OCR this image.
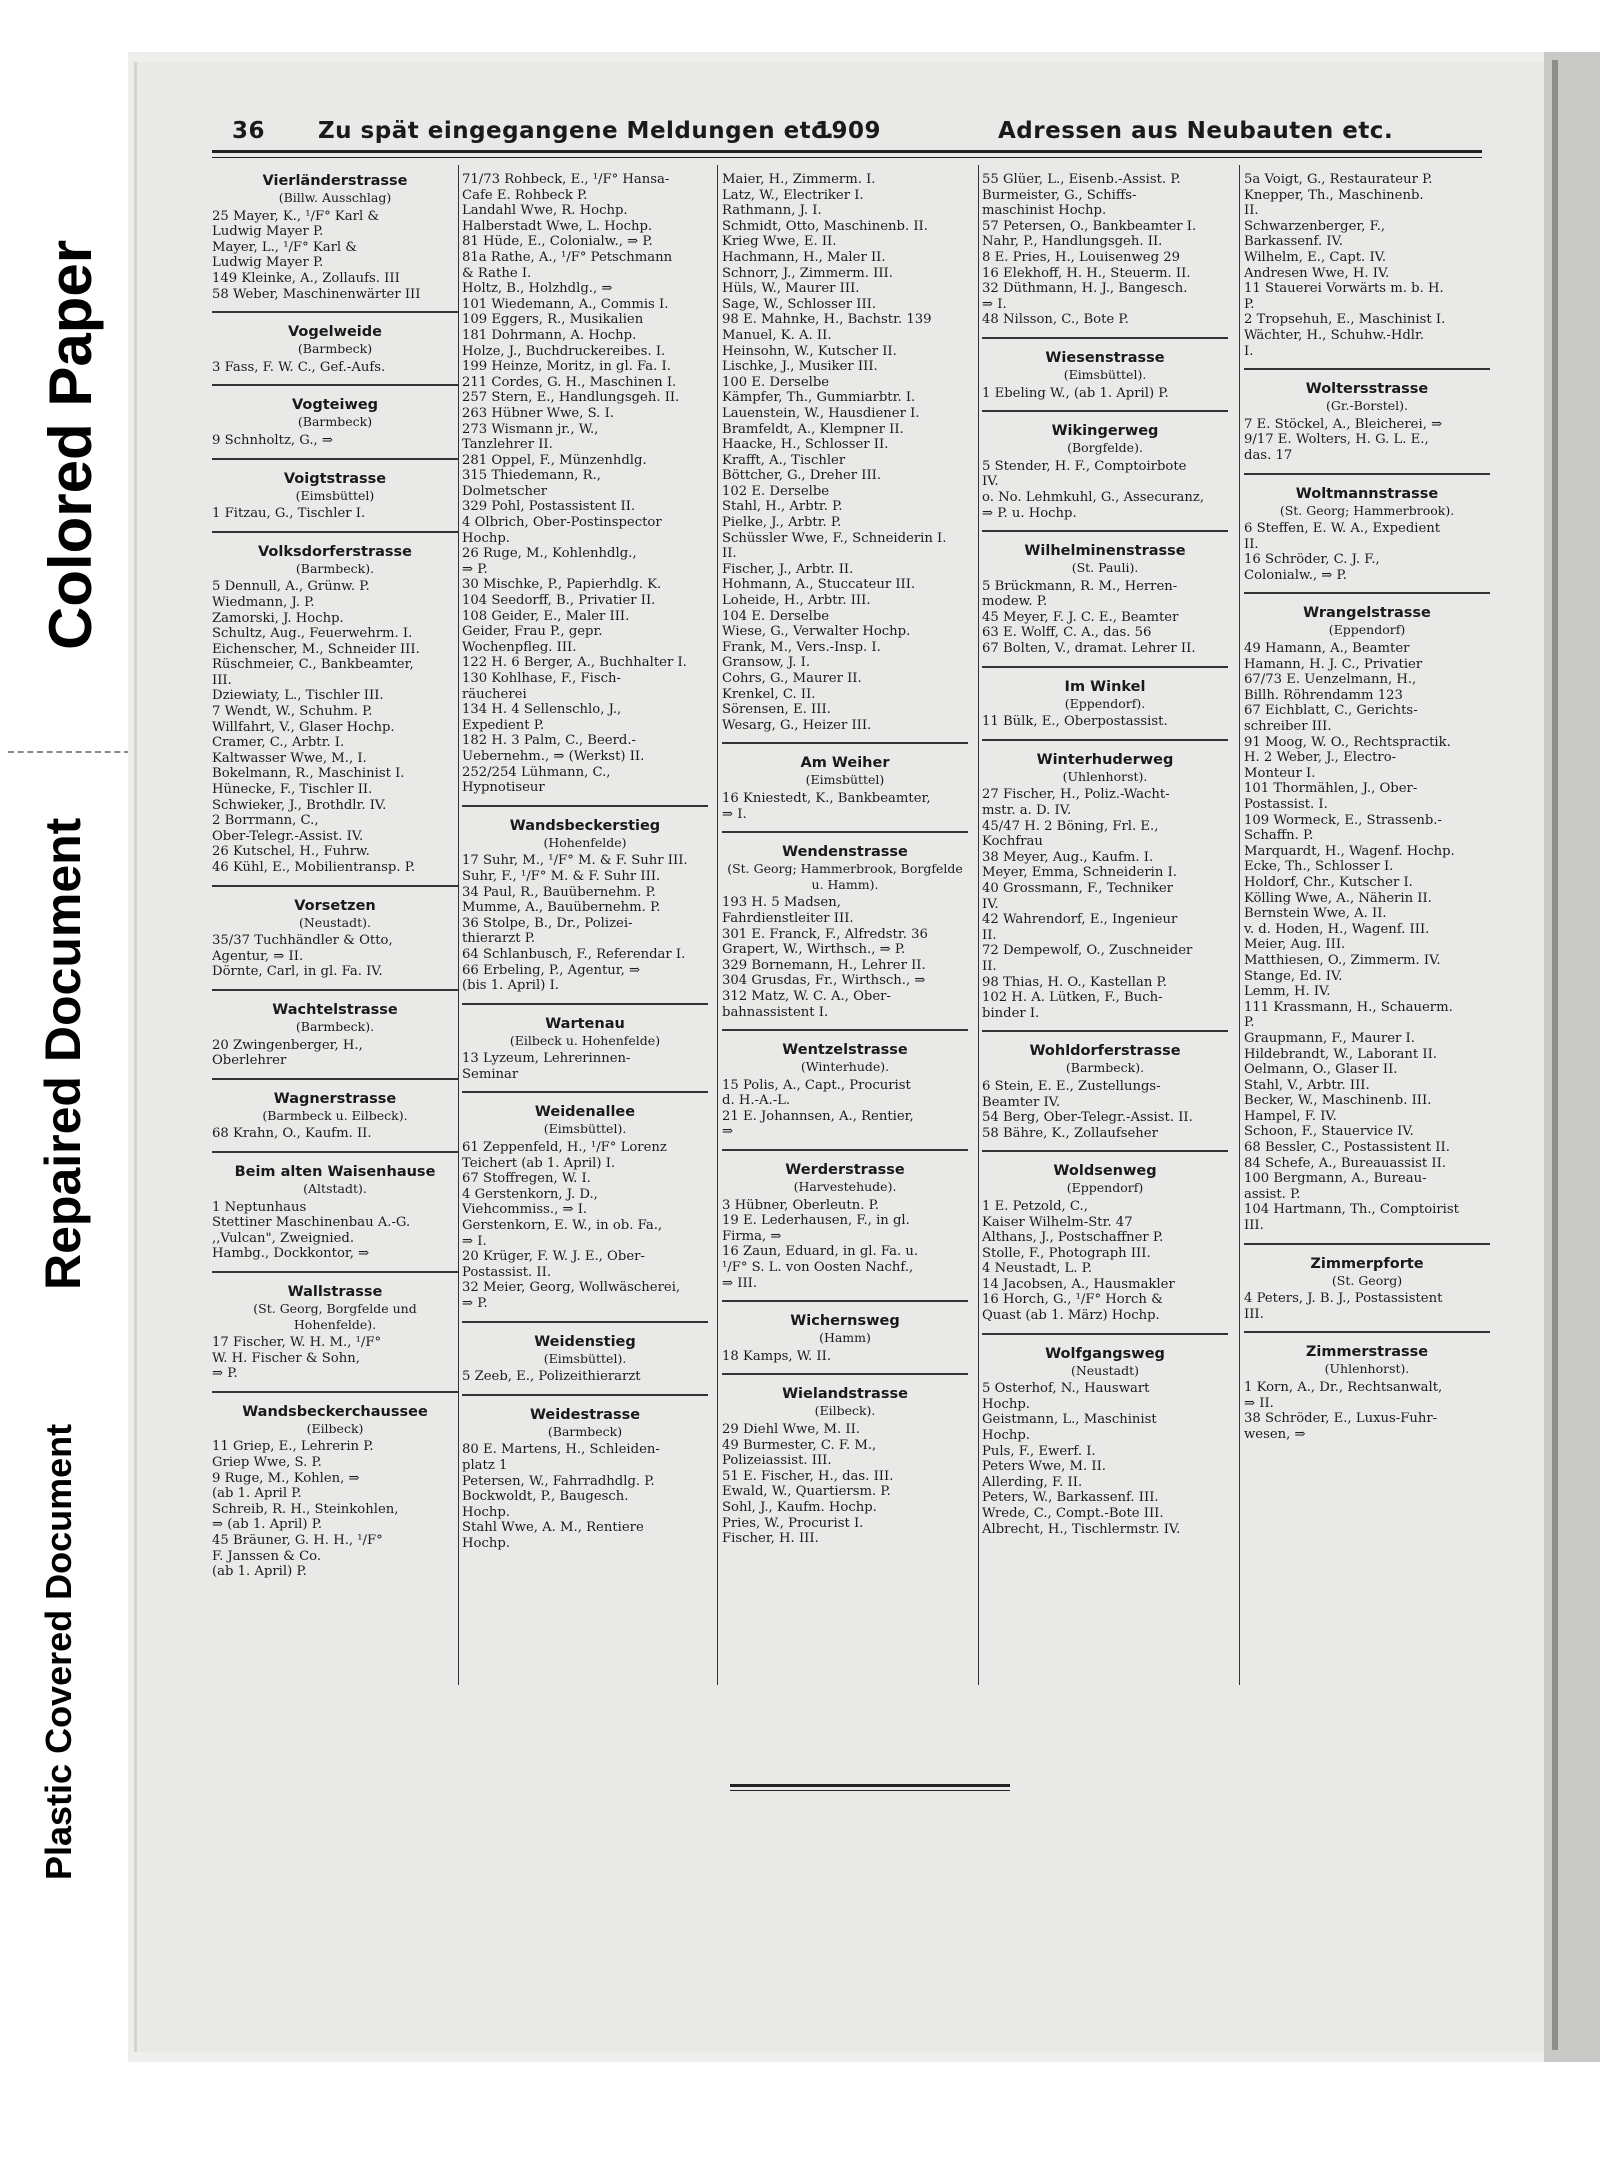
Colored Paper
Repaired Document
Plastic Covered Document
36 Zu spät eingegangene Meldungen etc.
1909	Adressen aus Neubauten etc.
Vierländerstrasse
(Billw. Ausschlag)
25 Mayer, K., ¹/F° Karl &
Ludwig Mayer P.
Mayer, L., ¹/F° Karl &
Ludwig Mayer P.
149 Kleinke, A., Zollaufs. III
58 Weber, Maschinenwärter III
Vogelweide
(Barmbeck)
3 Fass, F. W. C., Gef.-Aufs.
Vogteiweg
(Barmbeck)
9 Schnholtz, G., ⇒
Voigtstrasse
(Eimsbüttel)
1 Fitzau, G., Tischler I.
Volksdorferstrasse
(Barmbeck).
5 Dennull, A., Grünw. P.
Wiedmann, J. P.
Zamorski, J. Hochp.
Schultz, Aug., Feuerwehrm. I.
Eichenscher, M., Schneider III.
Rüschmeier, C., Bankbeamter,
III.
Dziewiaty, L., Tischler III.
7 Wendt, W., Schuhm. P.
Willfahrt, V., Glaser Hochp.
Cramer, C., Arbtr. I.
Kaltwasser Wwe, M., I.
Bokelmann, R., Maschinist I.
Hünecke, F., Tischler II.
Schwieker, J., Brothdlr. IV.
2 Borrmann, C.,
Ober-Telegr.-Assist. IV.
26 Kutschel, H., Fuhrw.
46 Kühl, E., Mobilientransp. P.
Vorsetzen
(Neustadt).
35/37 Tuchhändler & Otto,
Agentur, ⇒ II.
Dörnte, Carl, in gl. Fa. IV.
Wachtelstrasse
(Barmbeck).
20 Zwingenberger, H.,
Oberlehrer
Wagnerstrasse
(Barmbeck u. Eilbeck).
68 Krahn, O., Kaufm. II.
Beim alten Waisenhause
(Altstadt).
1 Neptunhaus
Stettiner Maschinenbau A.-G.
,,Vulcan", Zweignied.
Hambg., Dockkontor, ⇒
Wallstrasse
(St. Georg, Borgfelde und Hohenfelde).
17 Fischer, W. H. M., ¹/F°
W. H. Fischer & Sohn,
⇒ P.
Wandsbeckerchaussee
(Eilbeck)
11 Griep, E., Lehrerin P.
Griep Wwe, S. P.
9 Ruge, M., Kohlen, ⇒
(ab 1. April P.
Schreib, R. H., Steinkohlen,
⇒ (ab 1. April) P.
45 Bräuner, G. H. H., ¹/F°
F. Janssen & Co.
(ab 1. April) P.
71/73 Rohbeck, E., ¹/F° Hansa-
Cafe E. Rohbeck P.
Landahl Wwe, R. Hochp.
Halberstadt Wwe, L. Hochp.
81 Hüde, E., Colonialw., ⇒ P.
81a Rathe, A., ¹/F° Petschmann
& Rathe I.
Holtz, B., Holzhdlg., ⇒
101 Wiedemann, A., Commis I.
109 Eggers, R., Musikalien
181 Dohrmann, A. Hochp.
Holze, J., Buchdruckereibes. I.
199 Heinze, Moritz, in gl. Fa. I.
211 Cordes, G. H., Maschinen I.
257 Stern, E., Handlungsgeh. II.
263 Hübner Wwe, S. I.
273 Wismann jr., W.,
Tanzlehrer II.
281 Oppel, F., Münzenhdlg.
315 Thiedemann, R.,
Dolmetscher
329 Pohl, Postassistent II.
4 Olbrich, Ober-Postinspector
Hochp.
26 Ruge, M., Kohlenhdlg.,
⇒ P.
30 Mischke, P., Papierhdlg. K.
104 Seedorff, B., Privatier II.
108 Geider, E., Maler III.
Geider, Frau P., gepr.
Wochenpfleg. III.
122 H. 6 Berger, A., Buchhalter I.
130 Kohlhase, F., Fisch-
räucherei
134 H. 4 Sellenschlo, J.,
Expedient P.
182 H. 3 Palm, C., Beerd.-
Uebernehm., ⇒ (Werkst) II.
252/254 Lühmann, C.,
Hypnotiseur
Wandsbeckerstieg
(Hohenfelde)
17 Suhr, M., ¹/F° M. & F. Suhr III.
Suhr, F., ¹/F° M. & F. Suhr III.
34 Paul, R., Bauübernehm. P.
Mumme, A., Bauübernehm. P.
36 Stolpe, B., Dr., Polizei-
thierarzt P.
64 Schlanbusch, F., Referendar I.
66 Erbeling, P., Agentur, ⇒
(bis 1. April) I.
Wartenau
(Eilbeck u. Hohenfelde)
13 Lyzeum, Lehrerinnen-
Seminar
Weidenallee
(Eimsbüttel).
61 Zeppenfeld, H., ¹/F° Lorenz
Teichert (ab 1. April) I.
67 Stoffregen, W. I.
4 Gerstenkorn, J. D.,
Viehcommiss., ⇒ I.
Gerstenkorn, E. W., in ob. Fa.,
⇒ I.
20 Krüger, F. W. J. E., Ober-
Postassist. II.
32 Meier, Georg, Wollwäscherei,
⇒ P.
Weidenstieg
(Eimsbüttel).
5 Zeeb, E., Polizeithierarzt
Weidestrasse
(Barmbeck)
80 E. Martens, H., Schleiden-
platz 1
Petersen, W., Fahrradhdlg. P.
Bockwoldt, P., Baugesch.
Hochp.
Stahl Wwe, A. M., Rentiere
Hochp.
Maier, H., Zimmerm. I.
Latz, W., Electriker I.
Rathmann, J. I.
Schmidt, Otto, Maschinenb. II.
Krieg Wwe, E. II.
Hachmann, H., Maler II.
Schnorr, J., Zimmerm. III.
Hüls, W., Maurer III.
Sage, W., Schlosser III.
98 E. Mahnke, H., Bachstr. 139
Manuel, K. A. II.
Heinsohn, W., Kutscher II.
Lischke, J., Musiker III.
100 E. Derselbe
Kämpfer, Th., Gummiarbtr. I.
Lauenstein, W., Hausdiener I.
Bramfeldt, A., Klempner II.
Haacke, H., Schlosser II.
Krafft, A., Tischler
Böttcher, G., Dreher III.
102 E. Derselbe
Stahl, H., Arbtr. P.
Pielke, J., Arbtr. P.
Schüssler Wwe, F., Schneiderin I.
II.
Fischer, J., Arbtr. II.
Hohmann, A., Stuccateur III.
Loheide, H., Arbtr. III.
104 E. Derselbe
Wiese, G., Verwalter Hochp.
Frank, M., Vers.-Insp. I.
Gransow, J. I.
Cohrs, G., Maurer II.
Krenkel, C. II.
Sörensen, E. III.
Wesarg, G., Heizer III.
Am Weiher
(Eimsbüttel)
16 Kniestedt, K., Bankbeamter,
⇒ I.
Wendenstrasse
(St. Georg; Hammerbrook, Borgfelde u. Hamm).
193 H. 5 Madsen,
Fahrdienstleiter III.
301 E. Franck, F., Alfredstr. 36
Grapert, W., Wirthsch., ⇒ P.
329 Bornemann, H., Lehrer II.
304 Grusdas, Fr., Wirthsch., ⇒
312 Matz, W. C. A., Ober-
bahnassistent I.
Wentzelstrasse
(Winterhude).
15 Polis, A., Capt., Procurist
d. H.-A.-L.
21 E. Johannsen, A., Rentier,
⇒
Werderstrasse
(Harvestehude).
3 Hübner, Oberleutn. P.
19 E. Lederhausen, F., in gl.
Firma, ⇒
16 Zaun, Eduard, in gl. Fa. u.
¹/F° S. L. von Oosten Nachf.,
⇒ III.
Wichernsweg
(Hamm)
18 Kamps, W. II.
Wielandstrasse
(Eilbeck).
29 Diehl Wwe, M. II.
49 Burmester, C. F. M.,
Polizeiassist. III.
51 E. Fischer, H., das. III.
Ewald, W., Quartiersm. P.
Sohl, J., Kaufm. Hochp.
Pries, W., Procurist I.
Fischer, H. III.
55 Glüer, L., Eisenb.-Assist. P.
Burmeister, G., Schiffs-
maschinist Hochp.
57 Petersen, O., Bankbeamter I.
Nahr, P., Handlungsgeh. II.
8 E. Pries, H., Louisenweg 29
16 Elekhoff, H. H., Steuerm. II.
32 Düthmann, H. J., Bangesch.
⇒ I.
48 Nilsson, C., Bote P.
Wiesenstrasse
(Eimsbüttel).
1 Ebeling W., (ab 1. April) P.
Wikingerweg
(Borgfelde).
5 Stender, H. F., Comptoirbote
IV.
o. No. Lehmkuhl, G., Assecuranz,
⇒ P. u. Hochp.
Wilhelminenstrasse
(St. Pauli).
5 Brückmann, R. M., Herren-
modew. P.
45 Meyer, F. J. C. E., Beamter
63 E. Wolff, C. A., das. 56
67 Bolten, V., dramat. Lehrer II.
Im Winkel
(Eppendorf).
11 Bülk, E., Oberpostassist.
Winterhuderweg
(Uhlenhorst).
27 Fischer, H., Poliz.-Wacht-
mstr. a. D. IV.
45/47 H. 2 Böning, Frl. E.,
Kochfrau
38 Meyer, Aug., Kaufm. I.
Meyer, Emma, Schneiderin I.
40 Grossmann, F., Techniker
IV.
42 Wahrendorf, E., Ingenieur
II.
72 Dempewolf, O., Zuschneider
II.
98 Thias, H. O., Kastellan P.
102 H. A. Lütken, F., Buch-
binder I.
Wohldorferstrasse
(Barmbeck).
6 Stein, E. E., Zustellungs-
Beamter IV.
54 Berg, Ober-Telegr.-Assist. II.
58 Bähre, K., Zollaufseher
Woldsenweg
(Eppendorf)
1 E. Petzold, C.,
Kaiser Wilhelm-Str. 47
Althans, J., Postschaffner P.
Stolle, F., Photograph III.
4 Neustadt, L. P.
14 Jacobsen, A., Hausmakler
16 Horch, G., ¹/F° Horch &
Quast (ab 1. März) Hochp.
Wolfgangsweg
(Neustadt)
5 Osterhof, N., Hauswart
Hochp.
Geistmann, L., Maschinist
Hochp.
Puls, F., Ewerf. I.
Peters Wwe, M. II.
Allerding, F. II.
Peters, W., Barkassenf. III.
Wrede, C., Compt.-Bote III.
Albrecht, H., Tischlermstr. IV.
5a Voigt, G., Restaurateur P.
Knepper, Th., Maschinenb.
II.
Schwarzenberger, F.,
Barkassenf. IV.
Wilhelm, E., Capt. IV.
Andresen Wwe, H. IV.
11 Stauerei Vorwärts m. b. H.
P.
2 Tropsehuh, E., Maschinist I.
Wächter, H., Schuhw.-Hdlr.
I.
Woltersstrasse
(Gr.-Borstel).
7 E. Stöckel, A., Bleicherei, ⇒
9/17 E. Wolters, H. G. L. E.,
das. 17
Woltmannstrasse
(St. Georg; Hammerbrook).
6 Steffen, E. W. A., Expedient
II.
16 Schröder, C. J. F.,
Colonialw., ⇒ P.
Wrangelstrasse
(Eppendorf)
49 Hamann, A., Beamter
Hamann, H. J. C., Privatier
67/73 E. Uenzelmann, H.,
Billh. Röhrendamm 123
67 Eichblatt, C., Gerichts-
schreiber III.
91 Moog, W. O., Rechtspractik.
H. 2 Weber, J., Electro-
Monteur I.
101 Thormählen, J., Ober-
Postassist. I.
109 Wormeck, E., Strassenb.-
Schaffn. P.
Marquardt, H., Wagenf. Hochp.
Ecke, Th., Schlosser I.
Holdorf, Chr., Kutscher I.
Kölling Wwe, A., Näherin II.
Bernstein Wwe, A. II.
v. d. Hoden, H., Wagenf. III.
Meier, Aug. III.
Matthiesen, O., Zimmerm. IV.
Stange, Ed. IV.
Lemm, H. IV.
111 Krassmann, H., Schauerm.
P.
Graupmann, F., Maurer I.
Hildebrandt, W., Laborant II.
Oelmann, O., Glaser II.
Stahl, V., Arbtr. III.
Becker, W., Maschinenb. III.
Hampel, F. IV.
Schoon, F., Stauervice IV.
68 Bessler, C., Postassistent II.
84 Schefe, A., Bureauassist II.
100 Bergmann, A., Bureau-
assist. P.
104 Hartmann, Th., Comptoirist
III.
Zimmerpforte
(St. Georg)
4 Peters, J. B. J., Postassistent
III.
Zimmerstrasse
(Uhlenhorst).
1 Korn, A., Dr., Rechtsanwalt,
⇒ II.
38 Schröder, E., Luxus-Fuhr-
wesen, ⇒
